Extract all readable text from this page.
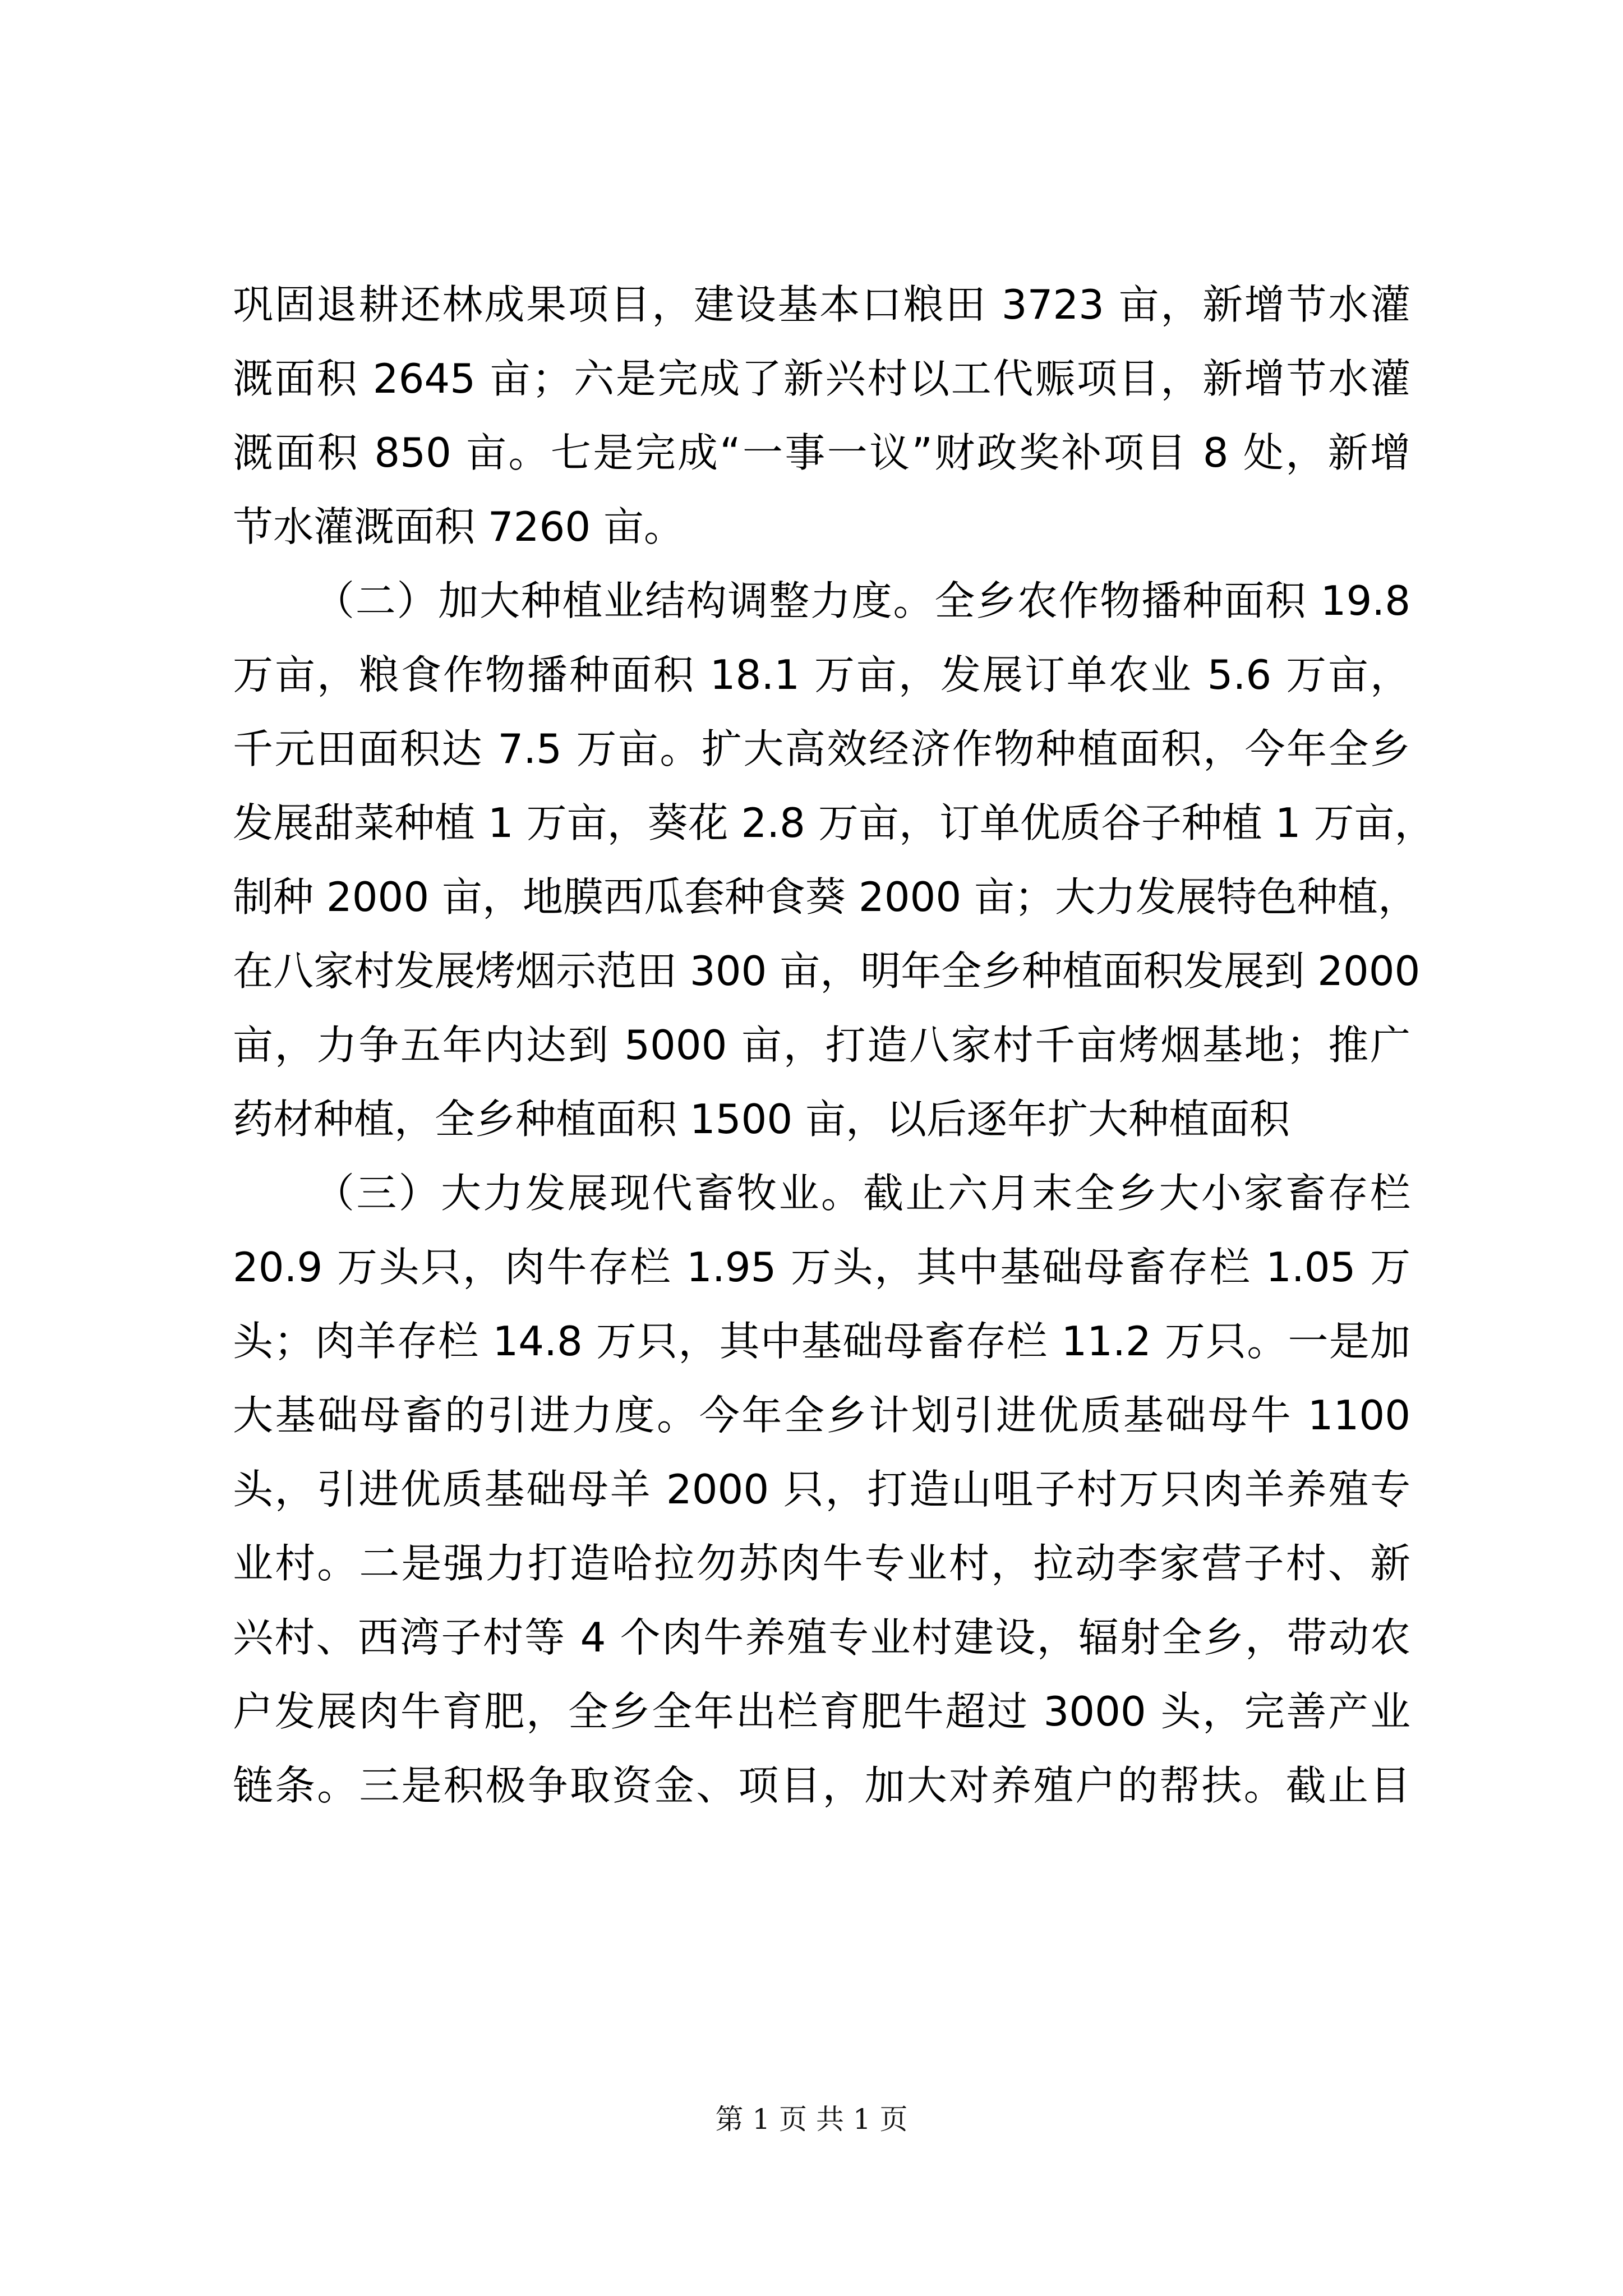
巩固退耕还林成果项目，建设基本口粮田 3723 亩，新增节水灌
溉面积 2645 亩；六是完成了新兴村以工代赈项目，新增节水灌
溉面积 850 亩。七是完成“一事一议”财政奖补项目 8 处，新增
节水灌溉面积 7260 亩。
（二）加大种植业结构调整力度。全乡农作物播种面积 19.8
万亩，粮食作物播种面积 18.1 万亩，发展订单农业 5.6 万亩，
千元田面积达 7.5 万亩。扩大高效经济作物种植面积，今年全乡
发展甜菜种植 1 万亩，葵花 2.8 万亩，订单优质谷子种植 1 万亩，
制种 2000 亩，地膜西瓜套种食葵 2000 亩；大力发展特色种植，
在八家村发展烤烟示范田 300 亩，明年全乡种植面积发展到 2000
亩，力争五年内达到 5000 亩，打造八家村千亩烤烟基地；推广
药材种植，全乡种植面积 1500 亩，以后逐年扩大种植面积
（三）大力发展现代畜牧业。截止六月末全乡大小家畜存栏
20.9 万头只，肉牛存栏 1.95 万头，其中基础母畜存栏 1.05 万
头；肉羊存栏 14.8 万只，其中基础母畜存栏 11.2 万只。一是加
大基础母畜的引进力度。今年全乡计划引进优质基础母牛 1100
头，引进优质基础母羊 2000 只，打造山咀子村万只肉羊养殖专
业村。二是强力打造哈拉勿苏肉牛专业村，拉动李家营子村、新
兴村、西湾子村等 4 个肉牛养殖专业村建设，辐射全乡，带动农
户发展肉牛育肥，全乡全年出栏育肥牛超过 3000 头，完善产业
链条。三是积极争取资金、项目，加大对养殖户的帮扶。截止目
第 1 页 共 1 页
